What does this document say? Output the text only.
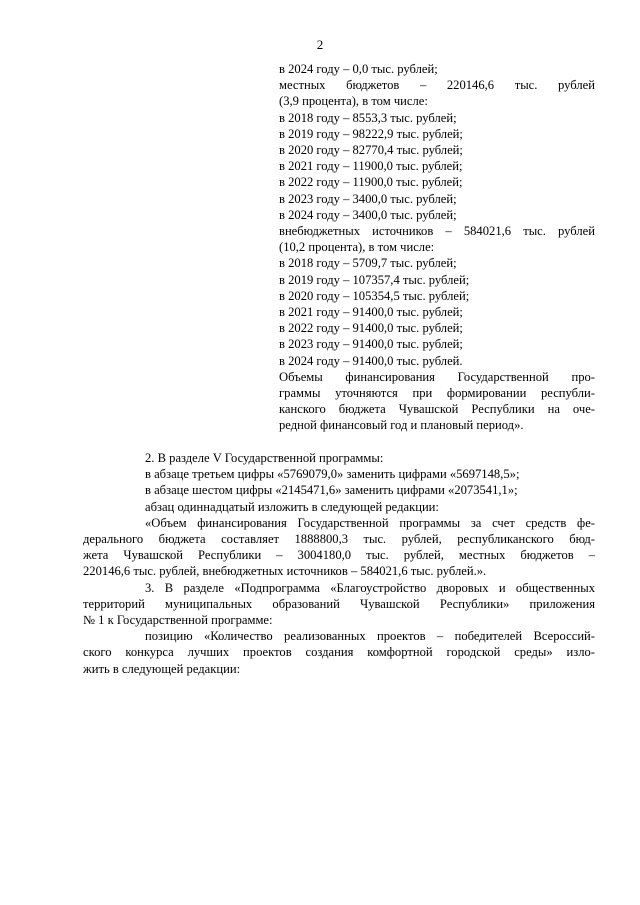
2
в 2024 году – 0,0 тыс. рублей;
местных бюджетов – 220146,6 тыс. рублей
(3,9 процента), в том числе:
в 2018 году – 8553,3 тыс. рублей;
в 2019 году – 98222,9 тыс. рублей;
в 2020 году – 82770,4 тыс. рублей;
в 2021 году – 11900,0 тыс. рублей;
в 2022 году – 11900,0 тыс. рублей;
в 2023 году – 3400,0 тыс. рублей;
в 2024 году – 3400,0 тыс. рублей;
внебюджетных источников – 584021,6 тыс. рублей
(10,2 процента), в том числе:
в 2018 году – 5709,7 тыс. рублей;
в 2019 году – 107357,4 тыс. рублей;
в 2020 году – 105354,5 тыс. рублей;
в 2021 году – 91400,0 тыс. рублей;
в 2022 году – 91400,0 тыс. рублей;
в 2023 году – 91400,0 тыс. рублей;
в 2024 году – 91400,0 тыс. рублей.
Объемы финансирования Государственной про-
граммы уточняются при формировании республи-
канского бюджета Чувашской Республики на оче-
редной финансовый год и плановый период».
2. В разделе V Государственной программы:
в абзаце третьем цифры «5769079,0» заменить цифрами «5697148,5»;
в абзаце шестом цифры «2145471,6» заменить цифрами «2073541,1»;
абзац одиннадцатый изложить в следующей редакции:
«Объем финансирования Государственной программы за счет средств фе-
дерального бюджета составляет 1888800,3 тыс. рублей, республиканского бюд-
жета Чувашской Республики – 3004180,0 тыс. рублей, местных бюджетов –
220146,6 тыс. рублей, внебюджетных источников – 584021,6 тыс. рублей.».
3. В разделе «Подпрограмма «Благоустройство дворовых и общественных
территорий муниципальных образований Чувашской Республики» приложения
№ 1 к Государственной программе:
позицию «Количество реализованных проектов – победителей Всероссий-
ского конкурса лучших проектов создания комфортной городской среды» изло-
жить в следующей редакции:
